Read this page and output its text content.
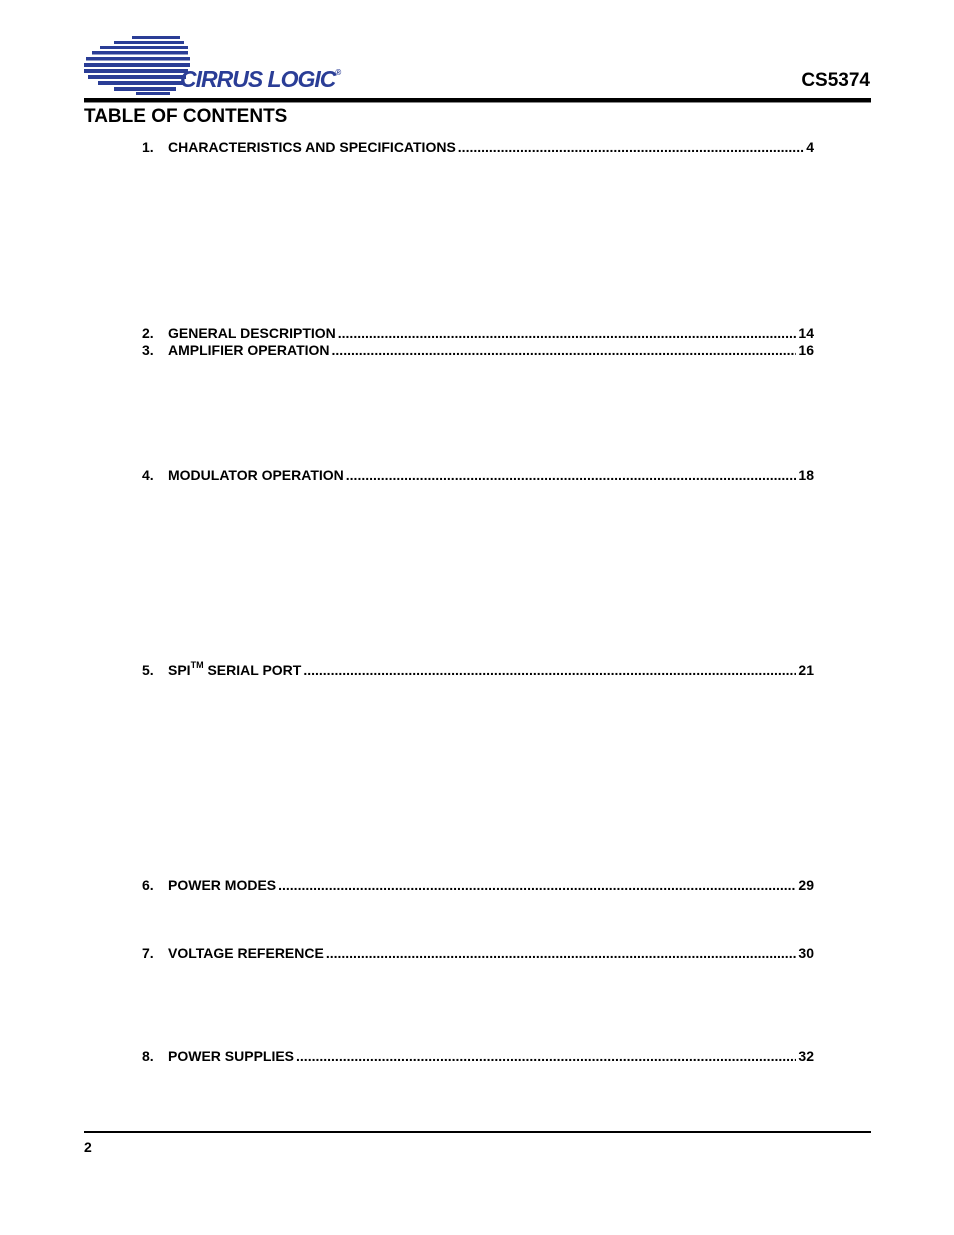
CIRRUS LOGIC®	CS5374
TABLE OF CONTENTS
1.	CHARACTERISTICS AND SPECIFICATIONS .....	4
2.	GENERAL DESCRIPTION .....	14
3.	AMPLIFIER OPERATION .....	16
4.	MODULATOR OPERATION .....	18
5.	SPI™ SERIAL PORT .....	21
6.	POWER MODES .....	29
7.	VOLTAGE REFERENCE .....	30
8.	POWER SUPPLIES .....	32
2
